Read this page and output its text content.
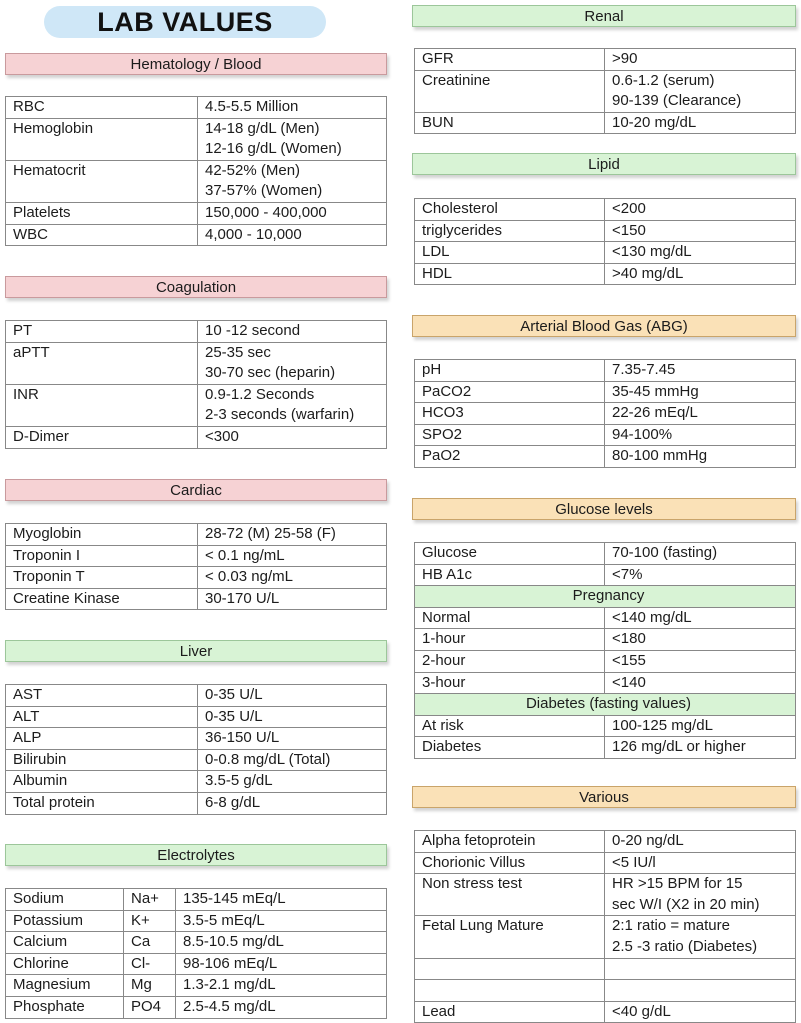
LAB VALUES
Hematology / Blood
RBC	4.5-5.5 Million
Hemoglobin	14-18 g/dL (Men)
12-16 g/dL (Women)
Hematocrit	42-52% (Men)
37-57% (Women)
Platelets	150,000 - 400,000
WBC	4,000 - 10,000
Coagulation
PT	10 -12 second
aPTT	25-35 sec
30-70 sec (heparin)
INR	0.9-1.2 Seconds
2-3 seconds (warfarin)
D-Dimer	<300
Cardiac
Myoglobin	28-72 (M) 25-58 (F)
Troponin I	< 0.1 ng/mL
Troponin T	< 0.03 ng/mL
Creatine Kinase	30-170 U/L
Liver
AST	0-35 U/L
ALT	0-35 U/L
ALP	36-150 U/L
Bilirubin	0-0.8 mg/dL (Total)
Albumin	3.5-5 g/dL
Total protein	6-8 g/dL
Electrolytes
Sodium	Na+	135-145 mEq/L
Potassium	K+	3.5-5 mEq/L
Calcium	Ca	8.5-10.5 mg/dL
Chlorine	Cl-	98-106 mEq/L
Magnesium	Mg	1.3-2.1 mg/dL
Phosphate	PO4	2.5-4.5 mg/dL
Renal
GFR	>90
Creatinine	0.6-1.2 (serum)
90-139 (Clearance)
BUN	10-20 mg/dL
Lipid
Cholesterol	<200
triglycerides	<150
LDL	<130 mg/dL
HDL	>40 mg/dL
Arterial Blood Gas (ABG)
pH	7.35-7.45
PaCO2	35-45 mmHg
HCO3	22-26 mEq/L
SPO2	94-100%
PaO2	80-100 mmHg
Glucose levels
Glucose	70-100 (fasting)
HB A1c	<7%
Pregnancy	
Normal	<140 mg/dL
1-hour	<180
2-hour	<155
3-hour	<140
Diabetes (fasting values)	
At risk	100-125 mg/dL
Diabetes	126 mg/dL or higher
Various
Alpha fetoprotein	0-20 ng/dL
Chorionic Villus	<5 IU/l
Non stress test	HR >15 BPM for 15
sec W/I (X2 in 20 min)
Fetal Lung Mature	2:1 ratio = mature
2.5 -3 ratio (Diabetes)

Lead	<40 g/dL
